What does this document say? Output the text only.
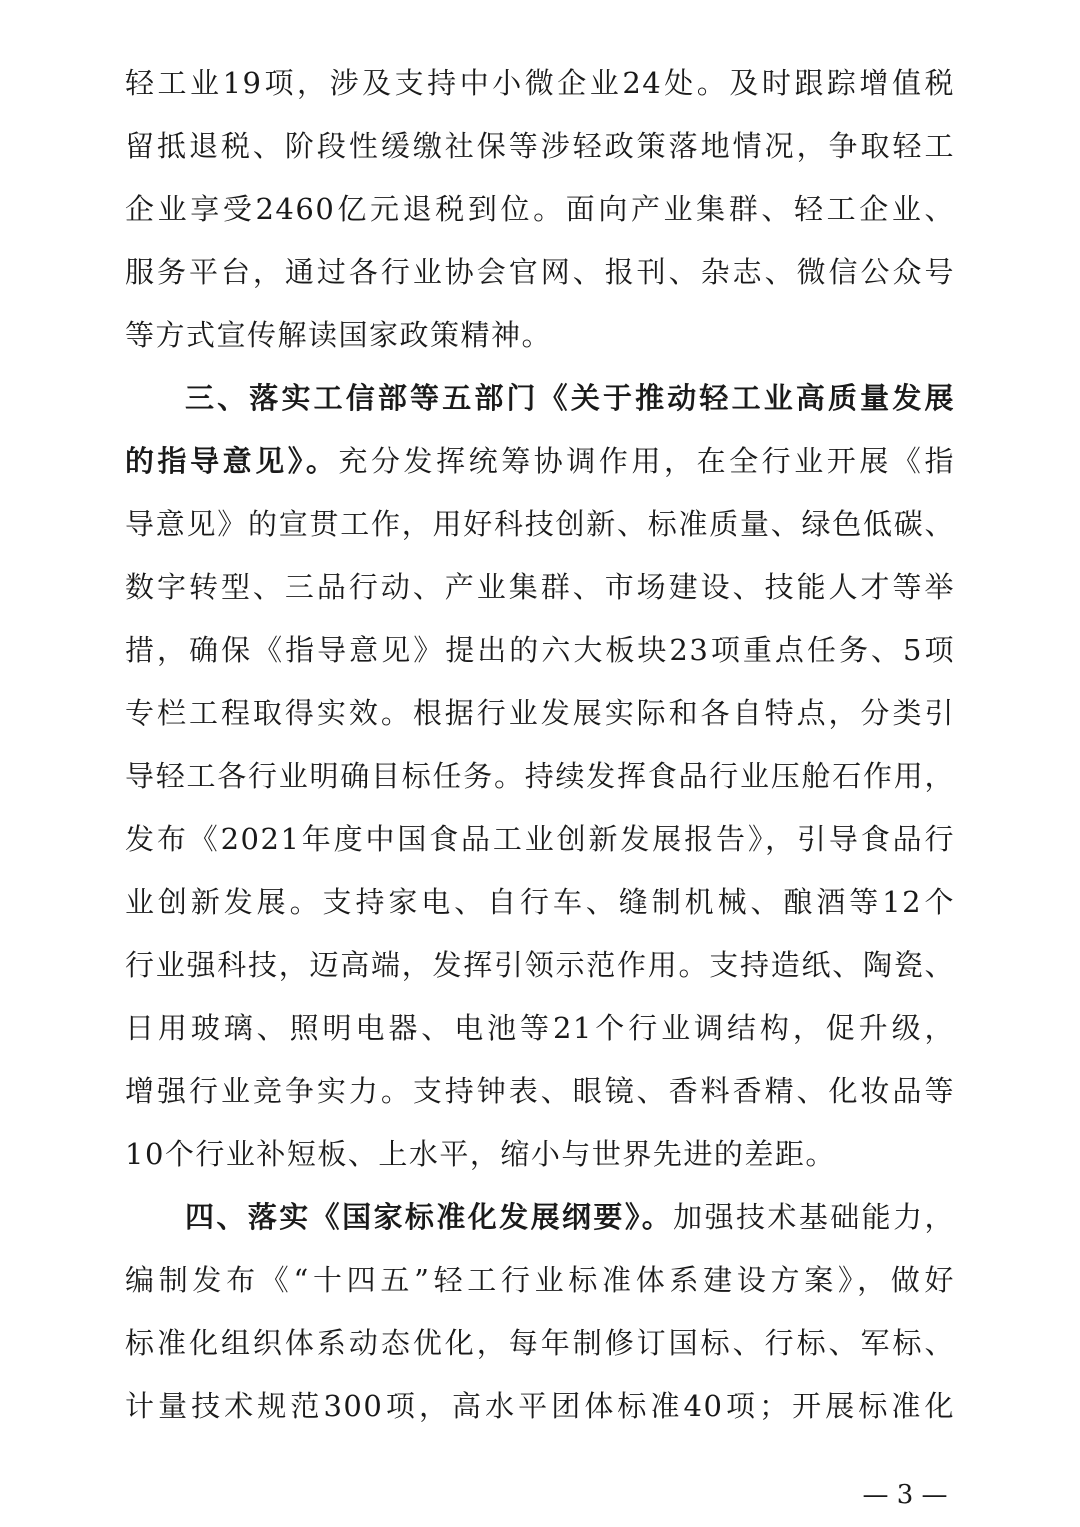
轻工业19项，涉及支持中小微企业24处。及时跟踪增值税
留抵退税、阶段性缓缴社保等涉轻政策落地情况，争取轻工
企业享受2460亿元退税到位。面向产业集群、轻工企业、
服务平台，通过各行业协会官网、报刊、杂志、微信公众号
等方式宣传解读国家政策精神。
三、落实工信部等五部门《关于推动轻工业高质量发展
的指导意见》。充分发挥统筹协调作用，在全行业开展《指
导意见》的宣贯工作，用好科技创新、标准质量、绿色低碳、
数字转型、三品行动、产业集群、市场建设、技能人才等举
措，确保《指导意见》提出的六大板块23项重点任务、5项
专栏工程取得实效。根据行业发展实际和各自特点，分类引
导轻工各行业明确目标任务。持续发挥食品行业压舱石作用，
发布《2021年度中国食品工业创新发展报告》，引导食品行
业创新发展。支持家电、自行车、缝制机械、酿酒等12个
行业强科技，迈高端，发挥引领示范作用。支持造纸、陶瓷、
日用玻璃、照明电器、电池等21个行业调结构，促升级，
增强行业竞争实力。支持钟表、眼镜、香料香精、化妆品等
10个行业补短板、上水平，缩小与世界先进的差距。
四、落实《国家标准化发展纲要》。加强技术基础能力，
编制发布《“十四五”轻工行业标准体系建设方案》，做好
标准化组织体系动态优化，每年制修订国标、行标、军标、
计量技术规范300项，高水平团体标准40项；开展标准化
— 3 —
